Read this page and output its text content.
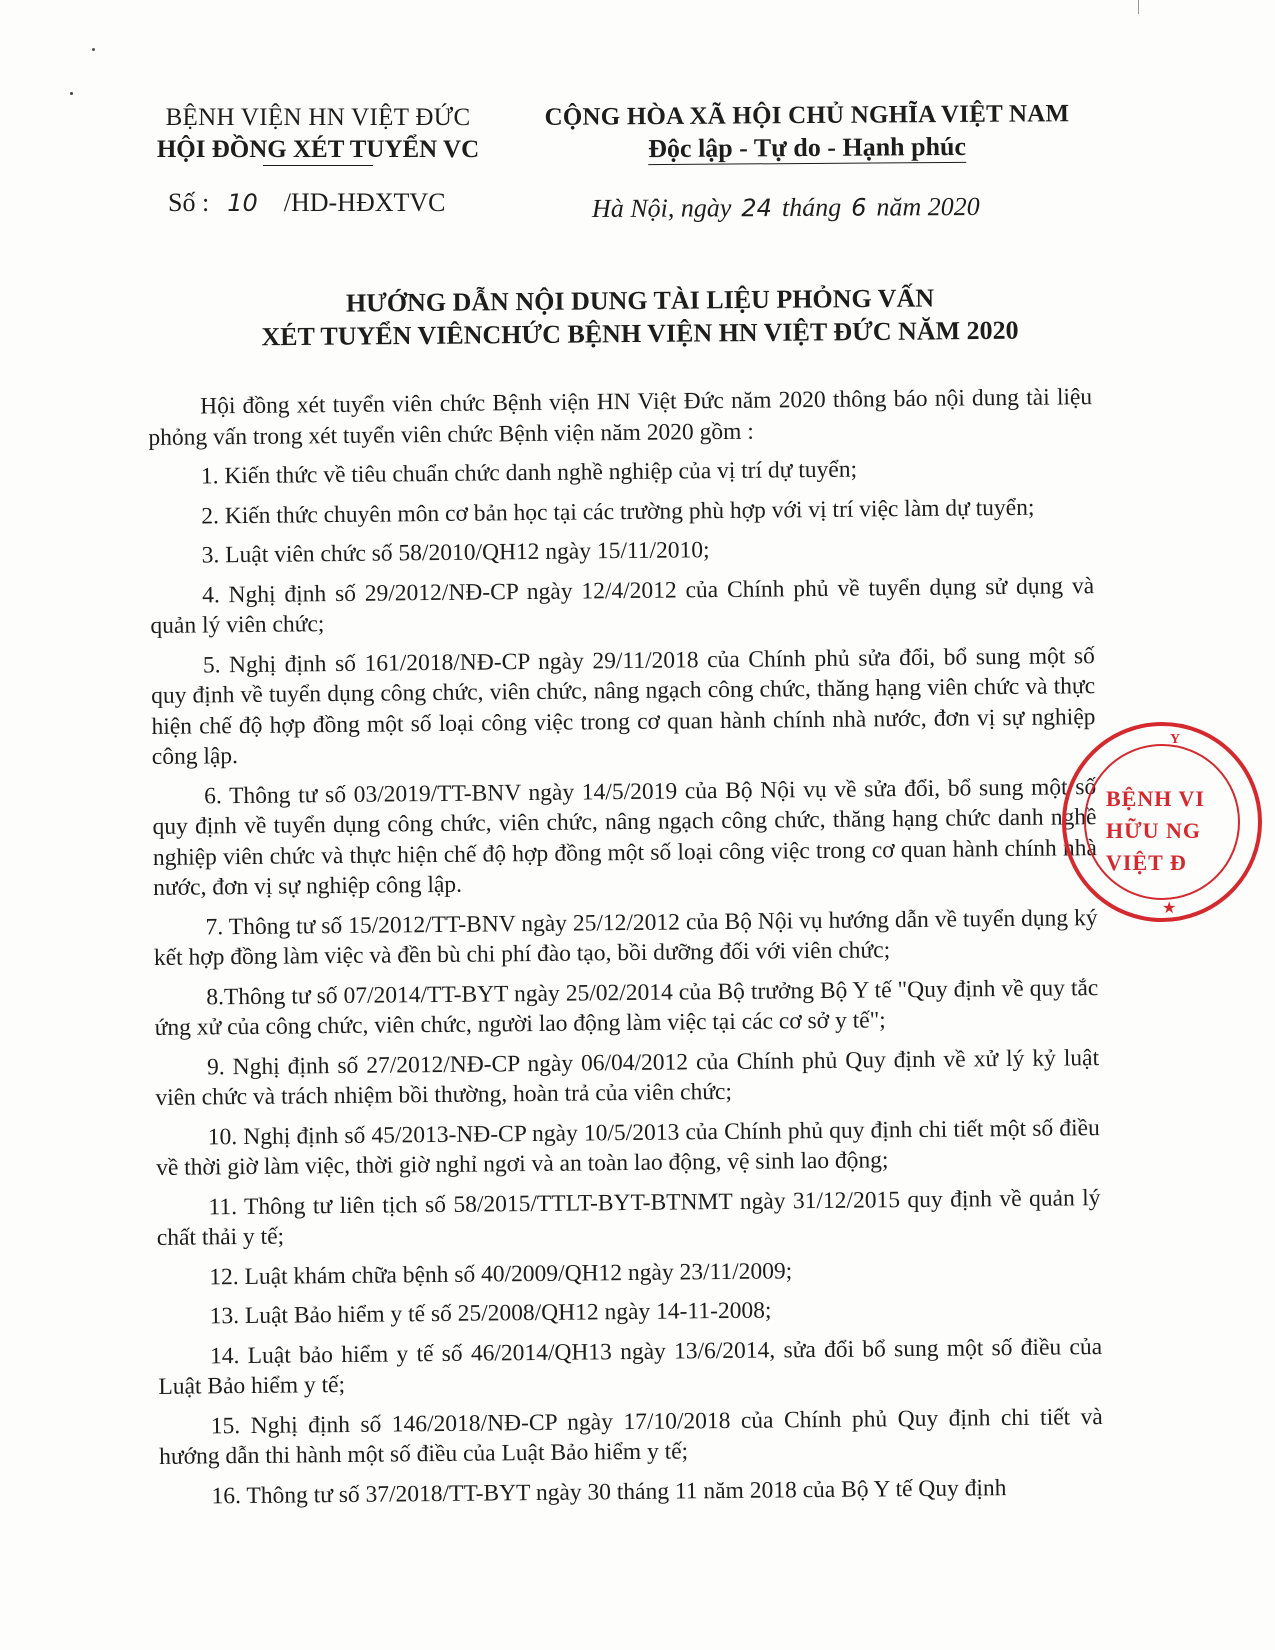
BỆNH VIỆN HN VIỆT ĐỨC
HỘI ĐỒNG XÉT TUYỂN VC
Số : 10 /HD-HĐXTVC
CỘNG HÒA XÃ HỘI CHỦ NGHĨA VIỆT NAM
Độc lập - Tự do - Hạnh phúc
Hà Nội, ngày 24 tháng 6 năm 2020
HƯỚNG DẪN NỘI DUNG TÀI LIỆU PHỎNG VẤN
XÉT TUYỂN VIÊNCHỨC BỆNH VIỆN HN VIỆT ĐỨC NĂM 2020

Hội đồng xét tuyển viên chức Bệnh viện HN Việt Đức năm 2020 thông báo nội dung tài liệu phỏng vấn trong xét tuyển viên chức Bệnh viện năm 2020 gồm :

1. Kiến thức về tiêu chuẩn chức danh nghề nghiệp của vị trí dự tuyển;

2. Kiến thức chuyên môn cơ bản học tại các trường phù hợp với vị trí việc làm dự tuyển;

3. Luật viên chức số 58/2010/QH12 ngày 15/11/2010;

4. Nghị định số 29/2012/NĐ-CP ngày 12/4/2012 của Chính phủ về tuyển dụng sử dụng và quản lý viên chức;

5. Nghị định số 161/2018/NĐ-CP ngày 29/11/2018 của Chính phủ sửa đổi, bổ sung một số quy định về tuyển dụng công chức, viên chức, nâng ngạch công chức, thăng hạng viên chức và thực hiện chế độ hợp đồng một số loại công việc trong cơ quan hành chính nhà nước, đơn vị sự nghiệp công lập.

6. Thông tư số 03/2019/TT-BNV ngày 14/5/2019 của Bộ Nội vụ về sửa đổi, bổ sung một số quy định về tuyển dụng công chức, viên chức, nâng ngạch công chức, thăng hạng chức danh nghề nghiệp viên chức và thực hiện chế độ hợp đồng một số loại công việc trong cơ quan hành chính nhà nước, đơn vị sự nghiệp công lập.

7. Thông tư số 15/2012/TT-BNV ngày 25/12/2012 của Bộ Nội vụ hướng dẫn về tuyển dụng ký kết hợp đồng làm việc và đền bù chi phí đào tạo, bồi dưỡng đối với viên chức;

8.Thông tư số 07/2014/TT-BYT ngày 25/02/2014 của Bộ trưởng Bộ Y tế "Quy định về quy tắc ứng xử của công chức, viên chức, người lao động làm việc tại các cơ sở y tế";

9. Nghị định số 27/2012/NĐ-CP ngày 06/04/2012 của Chính phủ Quy định về xử lý kỷ luật viên chức và trách nhiệm bồi thường, hoàn trả của viên chức;

10. Nghị định số 45/2013-NĐ-CP ngày 10/5/2013 của Chính phủ quy định chi tiết một số điều về thời giờ làm việc, thời giờ nghỉ ngơi và an toàn lao động, vệ sinh lao động;

11. Thông tư liên tịch số 58/2015/TTLT-BYT-BTNMT ngày 31/12/2015 quy định về quản lý chất thải y tế;

12. Luật khám chữa bệnh số 40/2009/QH12 ngày 23/11/2009;

13. Luật Bảo hiểm y tế số 25/2008/QH12 ngày 14-11-2008;

14. Luật bảo hiểm y tế số 46/2014/QH13 ngày 13/6/2014, sửa đổi bổ sung một số điều của Luật Bảo hiểm y tế;

15. Nghị định số 146/2018/NĐ-CP ngày 17/10/2018 của Chính phủ Quy định chi tiết và hướng dẫn thi hành một số điều của Luật Bảo hiểm y tế;

16. Thông tư số 37/2018/TT-BYT ngày 30 tháng 11 năm 2018 của Bộ Y tế Quy định

Y
BỆNH VI
HỮU NG
VIỆT Đ
★
